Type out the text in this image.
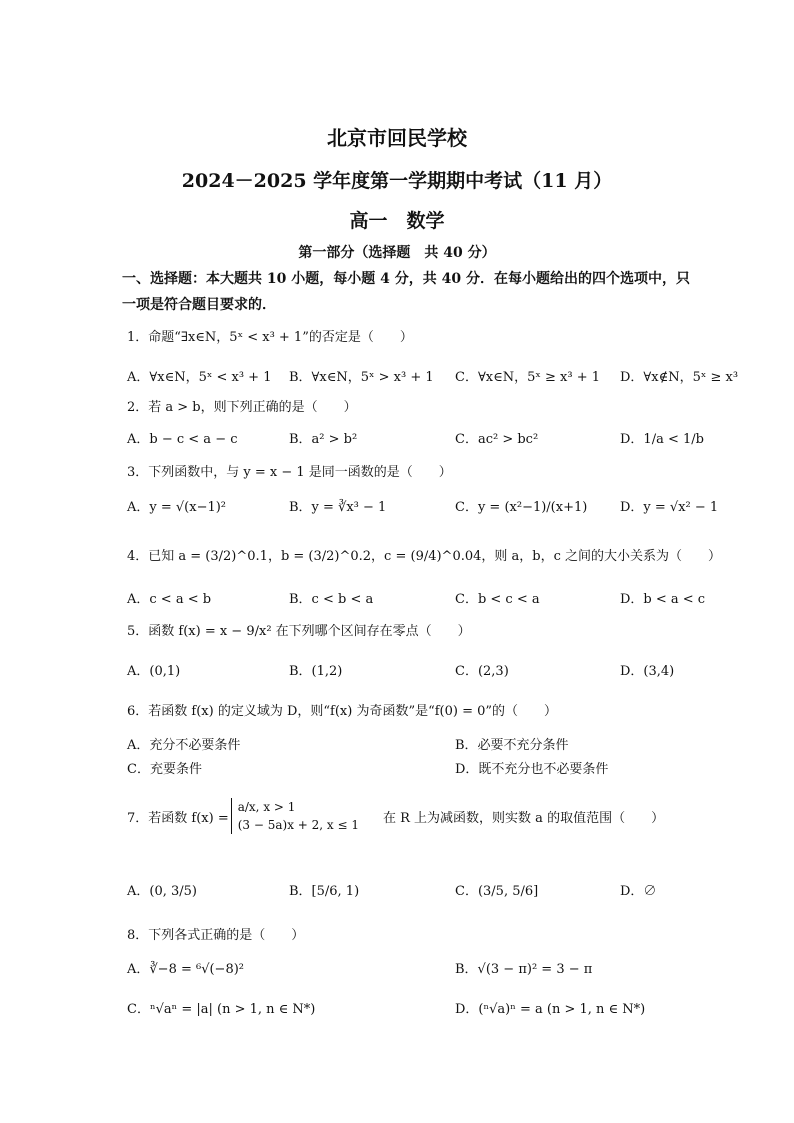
北京市回民学校
2024－2025 学年度第一学期期中考试（11 月）
高一　数学
第一部分（选择题　共 40 分）
一、选择题：本大题共 10 小题，每小题 4 分，共 40 分．在每小题给出的四个选项中，只
一项是符合题目要求的．
1．命题“∃x∈N，5ˣ < x³ + 1”的否定是（　　）
A．∀x∈N，5ˣ < x³ + 1 B．∀x∈N，5ˣ > x³ + 1 C．∀x∈N，5ˣ ≥ x³ + 1 D．∀x∉N，5ˣ ≥ x³
2．若 a > b，则下列正确的是（　　）
A．b − c < a − c	B．a² > b²	C．ac² > bc²	D．1/a < 1/b
3．下列函数中，与 y = x − 1 是同一函数的是（　　）
A．y = √(x−1)²	B．y = ∛x³ − 1	C．y = (x²−1)/(x+1)	D．y = √x² − 1
4．已知 a = (3/2)^0.1，b = (3/2)^0.2，c = (9/4)^0.04，则 a，b，c 之间的大小关系为（　　）
A．c < a < b	B．c < b < a	C．b < c < a	D．b < a < c
5．函数 f(x) = x − 9/x² 在下列哪个区间存在零点（　　）
A．(0,1)	B．(1,2)	C．(2,3)	D．(3,4)
6．若函数 f(x) 的定义域为 D，则“f(x) 为奇函数”是“f(0) = 0”的（　　）
A．充分不必要条件	B．必要不充分条件
C．充要条件	D．既不充分也不必要条件
7．若函数 f(x) =
a/x, x > 1
(3 − 5a)x + 2, x ≤ 1 在 R 上为减函数，则实数 a 的取值范围（　　）
A．(0, 3/5)	B．[5/6, 1)	C．(3/5, 5/6]	D．∅
8．下列各式正确的是（　　）
A．∛−8 = ⁶√(−8)²	B．√(3 − π)² = 3 − π
C．ⁿ√aⁿ = |a| (n > 1, n ∈ N*)	D．(ⁿ√a)ⁿ = a (n > 1, n ∈ N*)
